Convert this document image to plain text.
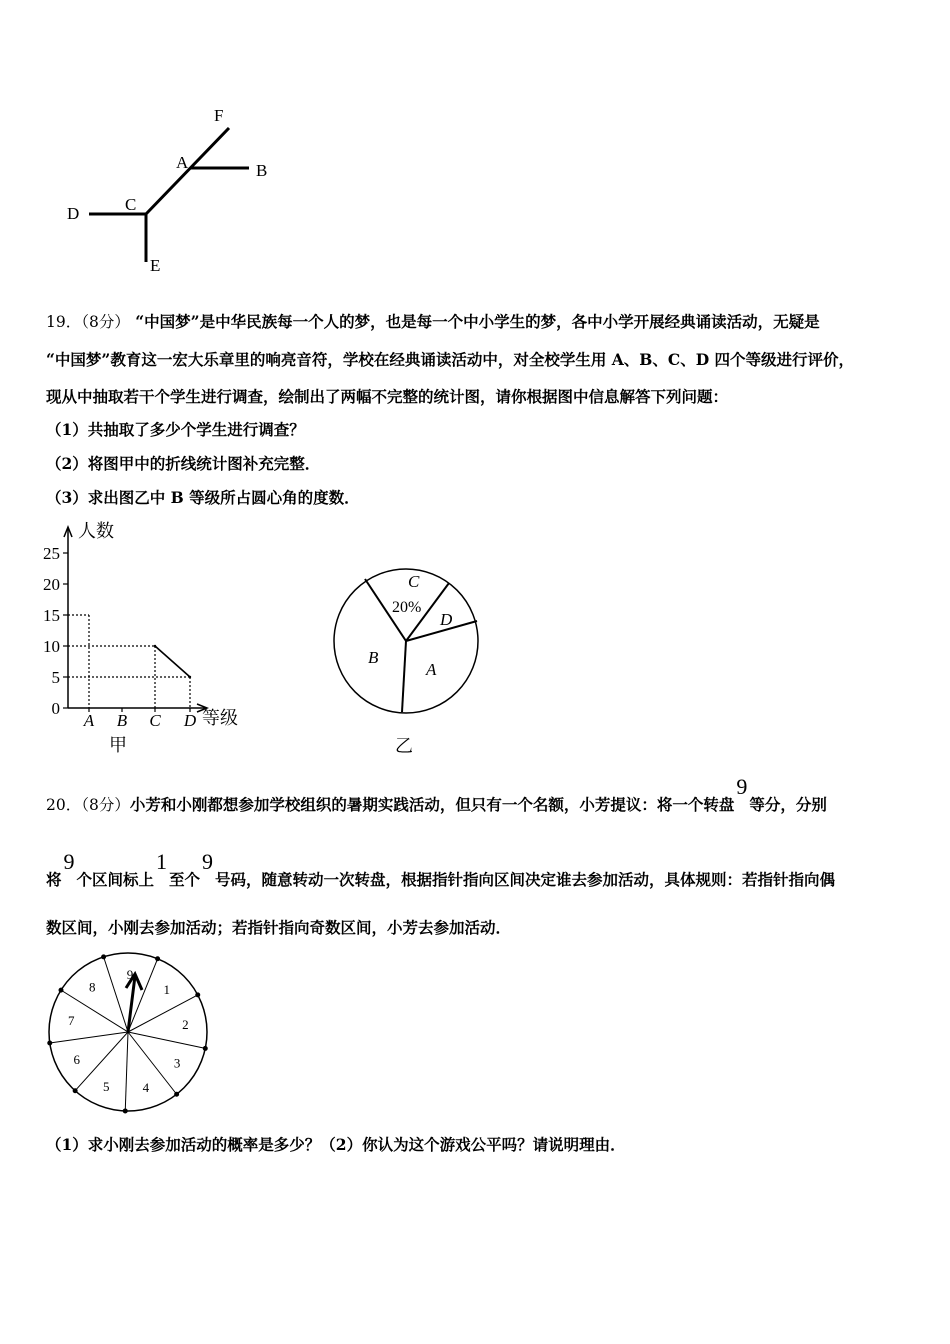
F
A	B
C
D
E
19．（8分） “中国梦”是中华民族每一个人的梦，也是每一个中小学生的梦，各中小学开展经典诵读活动，无疑是
“中国梦”教育这一宏大乐章里的响亮音符，学校在经典诵读活动中，对全校学生用 A、B、C、D 四个等级进行评价，
现从中抽取若干个学生进行调查，绘制出了两幅不完整的统计图，请你根据图中信息解答下列问题：
（1）共抽取了多少个学生进行调查？
（2）将图甲中的折线统计图补充完整．
（3）求出图乙中 B 等级所占圆心角的度数．
0
5
10
15
20
25
A B C D
人数
等级
甲
C
20%
D
A
B
乙
20．（8分）小芳和小刚都想参加学校组织的暑期实践活动，但只有一个名额，小芳提议：将一个转盘9等分，分别
将9个区间标上1至个9号码，随意转动一次转盘，根据指针指向区间决定谁去参加活动，具体规则：若指针指向偶
数区间，小刚去参加活动；若指针指向奇数区间，小芳去参加活动．
1
2
3
4
5
6
7
8
9
（1）求小刚去参加活动的概率是多少？（2）你认为这个游戏公平吗？请说明理由．
